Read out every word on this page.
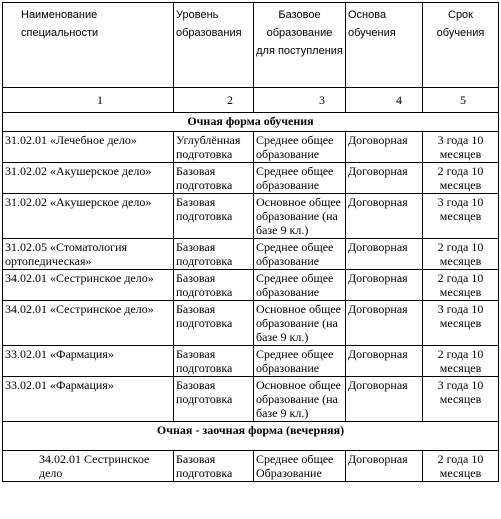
Наименование специальности	Уровень образования	Базовое образование для поступления	Основа обучения	Срок обучения
1	2	3	4	5
Очная форма обучения				
31.02.01 «Лечебное дело»	Углублённая подготовка	Среднее общее образование	Договорная	3 года 10 месяцев
31.02.02 «Акушерское дело»	Базовая подготовка	Среднее общее образование	Договорная	2 года 10 месяцев
31.02.02 «Акушерское дело»	Базовая подготовка	Основное общее образование (на базе 9 кл.)	Договорная	3 года 10 месяцев
31.02.05 «Стоматология ортопедическая»	Базовая подготовка	Среднее общее образование	Договорная	2 года 10 месяцев
34.02.01 «Сестринское дело»	Базовая подготовка	Среднее общее образование	Договорная	2 года 10 месяцев
34.02.01 «Сестринское дело»	Базовая подготовка	Основное общее образование (на базе 9 кл.)	Договорная	3 года 10 месяцев
33.02.01 «Фармация»	Базовая подготовка	Среднее общее образование	Договорная	2 года 10 месяцев
33.02.01 «Фармация»	Базовая подготовка	Основное общее образование (на базе 9 кл.)	Договорная	3 года 10 месяцев
Очная - заочная форма (вечерняя)				
34.02.01 Сестринское дело	Базовая подготовка	Среднее общее Образование	Договорная	2 года 10 месяцев
